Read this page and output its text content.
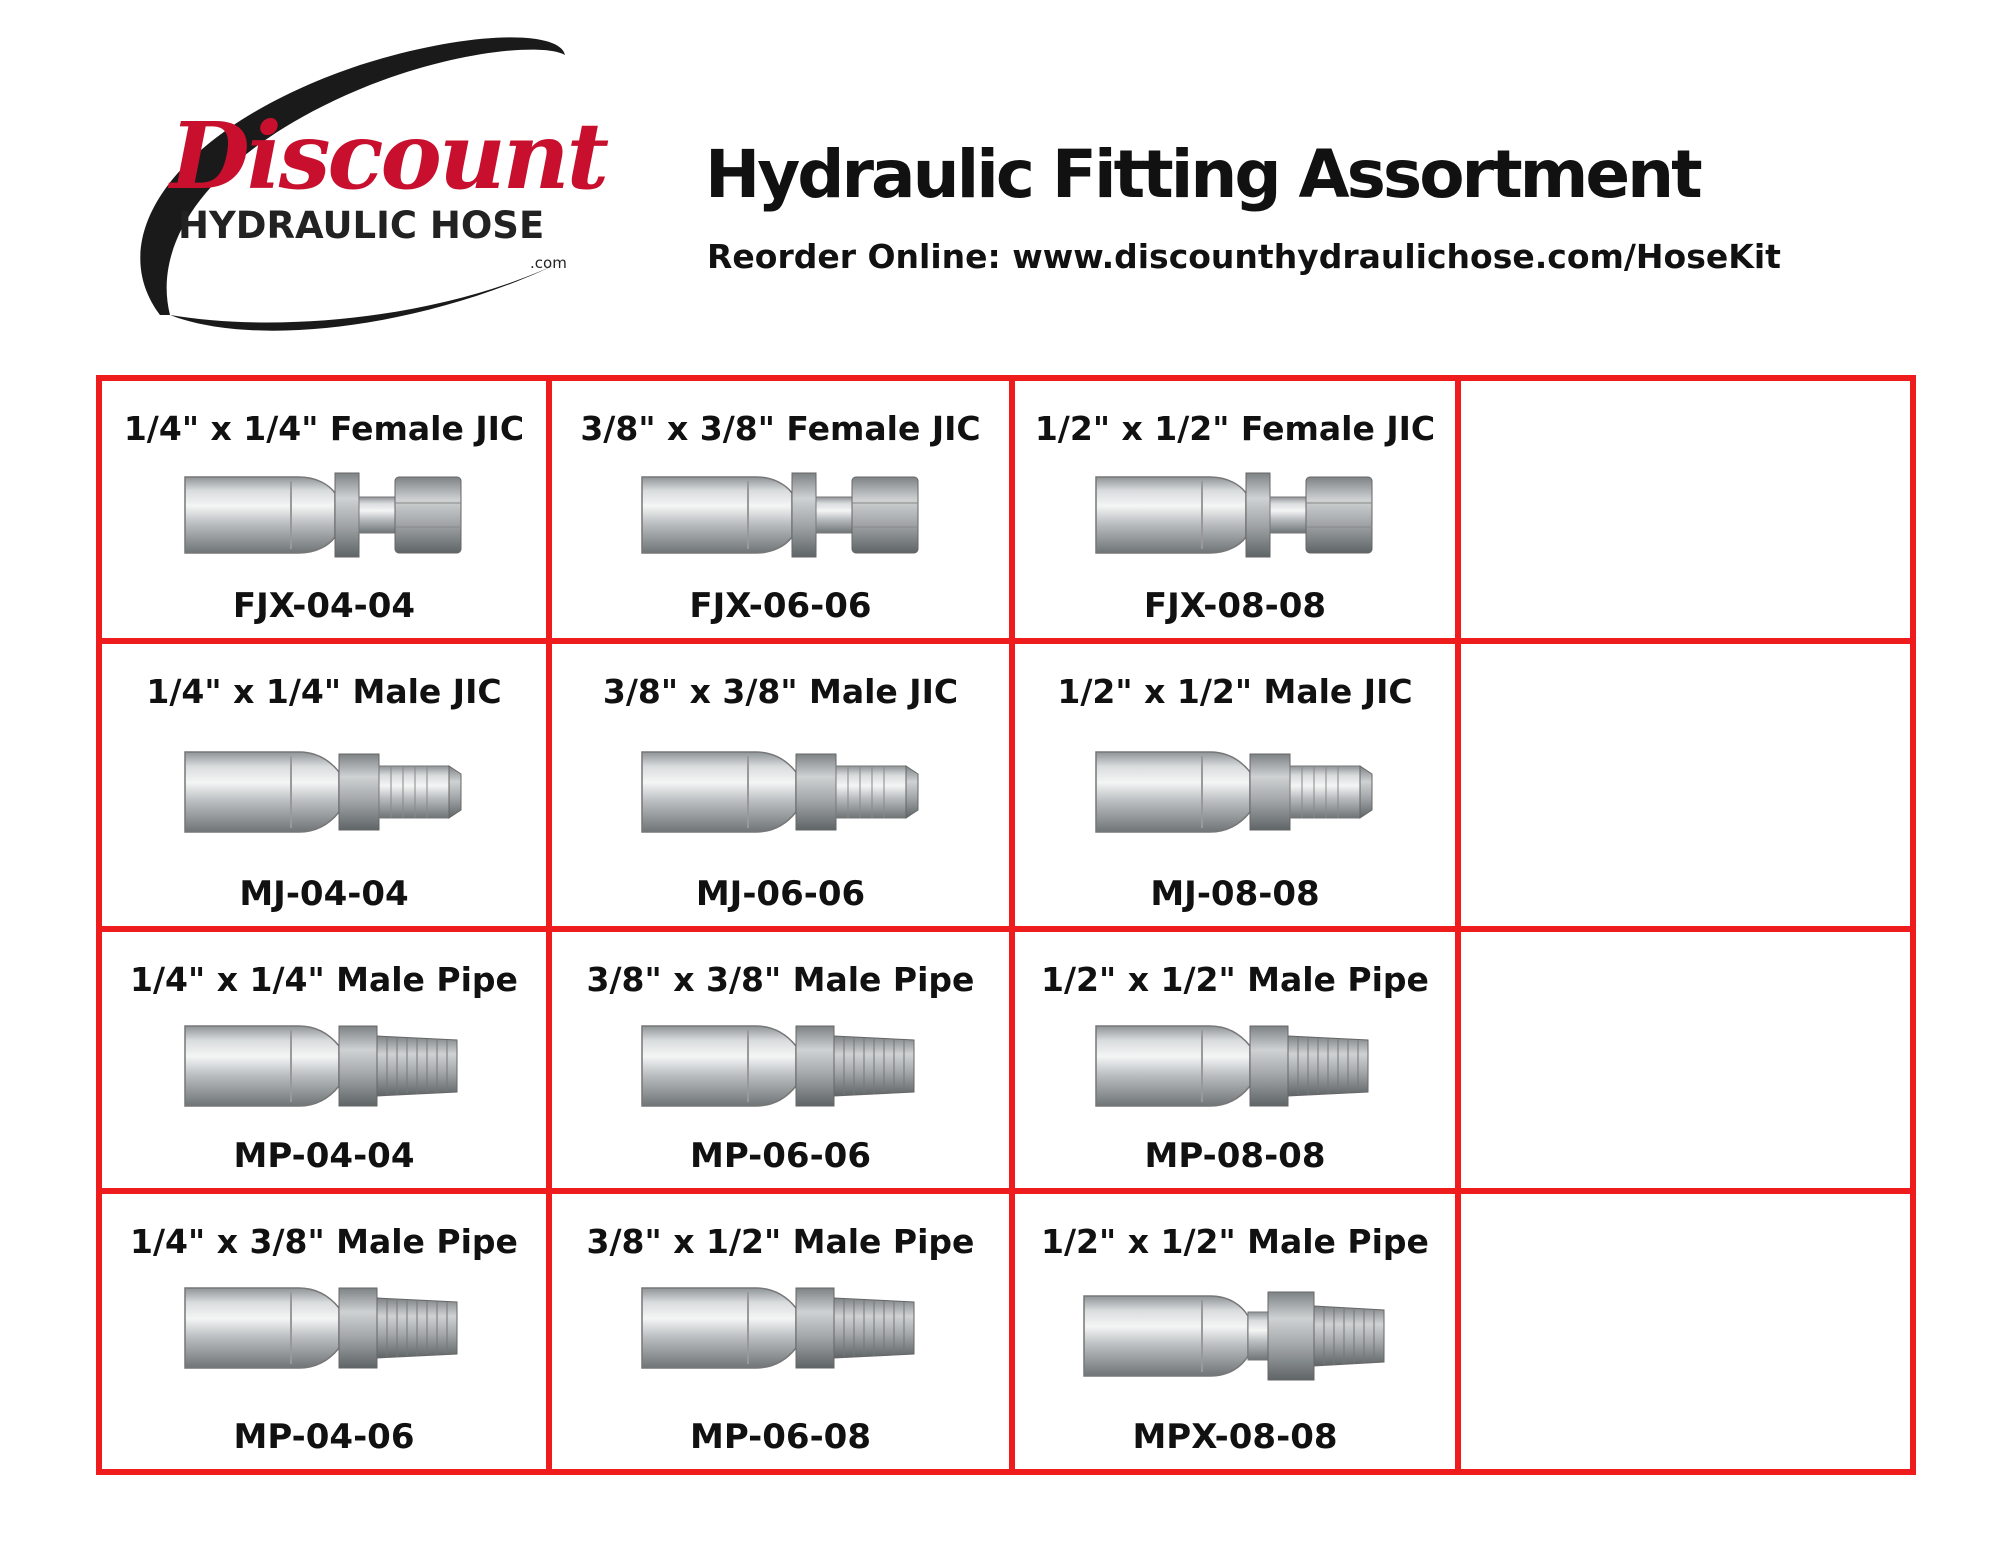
Discount
HYDRAULIC HOSE
.com
Hydraulic Fitting Assortment
Reorder Online: www.discounthydraulichose.com/HoseKit
1/4" x 1/4" Female JIC
FJX-04-04
3/8" x 3/8" Female JIC
FJX-06-06
1/2" x 1/2" Female JIC
FJX-08-08
1/4" x 1/4" Male JIC
MJ-04-04
3/8" x 3/8" Male JIC
MJ-06-06
1/2" x 1/2" Male JIC
MJ-08-08
1/4" x 1/4" Male Pipe
MP-04-04
3/8" x 3/8" Male Pipe
MP-06-06
1/2" x 1/2" Male Pipe
MP-08-08
1/4" x 3/8" Male Pipe
MP-04-06
3/8" x 1/2" Male Pipe
MP-06-08
1/2" x 1/2" Male Pipe
MPX-08-08
